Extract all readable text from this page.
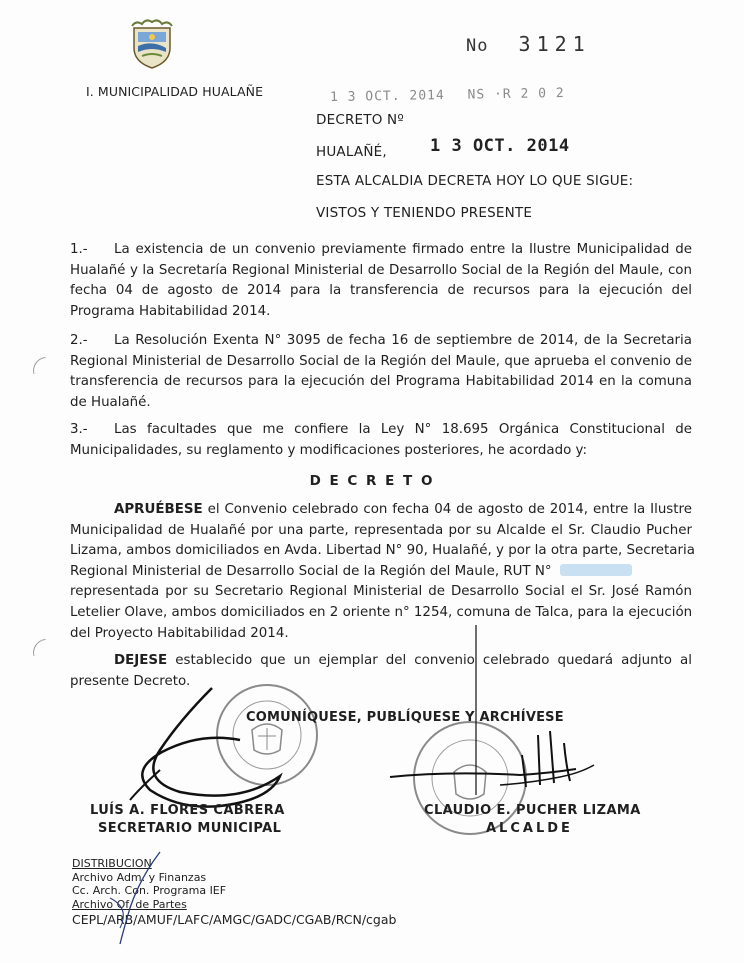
I. MUNICIPALIDAD HUALAÑE
No 3121
1 3 OCT. 2014 NS ·R 2 0 2
DECRETO Nº
HUALAÑÉ,	1 3 OCT. 2014
ESTA ALCALDIA DECRETA HOY LO QUE SIGUE:
VISTOS Y TENIENDO PRESENTE
1.- La existencia de un convenio previamente firmado entre la Ilustre Municipalidad de
Hualañé y la Secretaría Regional Ministerial de Desarrollo Social de la Región del Maule, con
fecha 04 de agosto de 2014 para la transferencia de recursos para la ejecución del
Programa Habitabilidad 2014.
2.- La Resolución Exenta N° 3095 de fecha 16 de septiembre de 2014, de la Secretaria
Regional Ministerial de Desarrollo Social de la Región del Maule, que aprueba el convenio de
transferencia de recursos para la ejecución del Programa Habitabilidad 2014 en la comuna
de Hualañé.
3.- Las facultades que me confiere la Ley N° 18.695 Orgánica Constitucional de
Municipalidades, su reglamento y modificaciones posteriores, he acordado y:
D E C R E T O
APRUÉBESE el Convenio celebrado con fecha 04 de agosto de 2014, entre la Ilustre
Municipalidad de Hualañé por una parte, representada por su Alcalde el Sr. Claudio Pucher
Lizama, ambos domiciliados en Avda. Libertad N° 90, Hualañé, y por la otra parte, Secretaria
Regional Ministerial de Desarrollo Social de la Región del Maule, RUT N°
representada por su Secretario Regional Ministerial de Desarrollo Social el Sr. José Ramón
Letelier Olave, ambos domiciliados en 2 oriente n° 1254, comuna de Talca, para la ejecución
del Proyecto Habitabilidad 2014.
DEJESE establecido que un ejemplar del convenio celebrado quedará adjunto al
presente Decreto.
COMUNÍQUESE, PUBLÍQUESE Y ARCHÍVESE
LUÍS A. FLORES CABRERA
SECRETARIO MUNICIPAL
CLAUDIO E. PUCHER LIZAMA
ALCALDE
DISTRIBUCION
Archivo Adm. y Finanzas
Cc. Arch. Con. Programa IEF
Archivo Of. de Partes
CEPL/ARB/AMUF/LAFC/AMGC/GADC/CGAB/RCN/cgab
